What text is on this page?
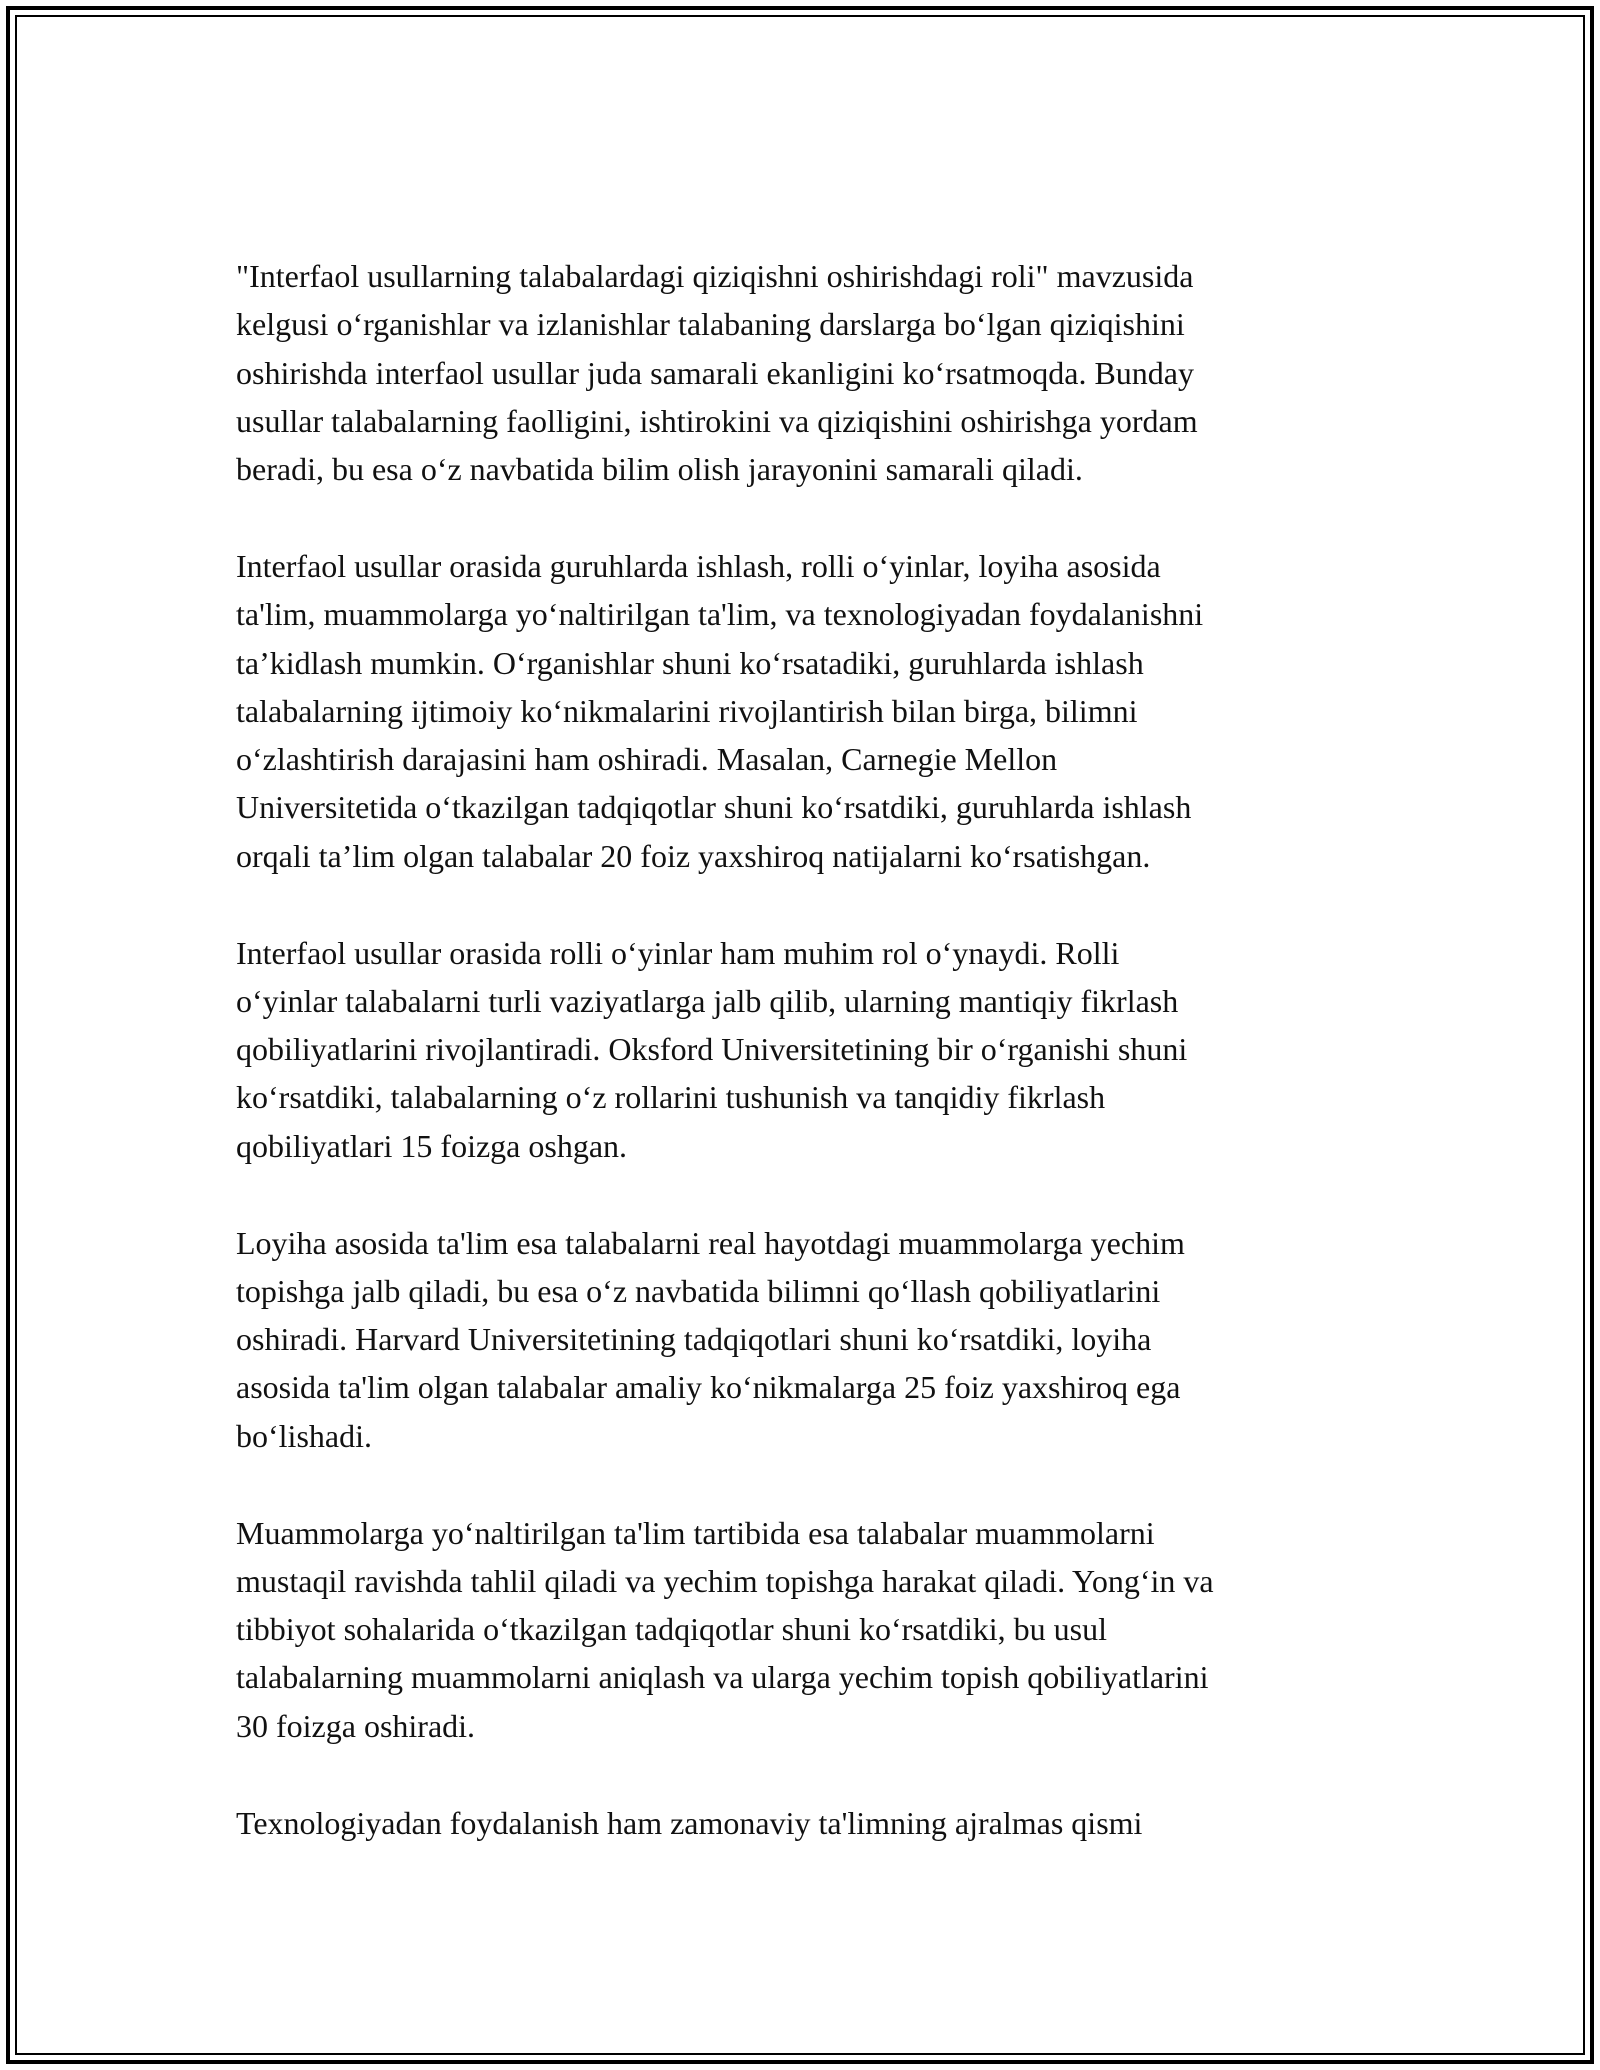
"Interfaol usullarning talabalardagi qiziqishni oshirishdagi roli" mavzusida
kelgusi o‘rganishlar va izlanishlar talabaning darslarga bo‘lgan qiziqishini
oshirishda interfaol usullar juda samarali ekanligini ko‘rsatmoqda. Bunday
usullar talabalarning faolligini, ishtirokini va qiziqishini oshirishga yordam
beradi, bu esa o‘z navbatida bilim olish jarayonini samarali qiladi.

Interfaol usullar orasida guruhlarda ishlash, rolli o‘yinlar, loyiha asosida
ta'lim, muammolarga yo‘naltirilgan ta'lim, va texnologiyadan foydalanishni
ta’kidlash mumkin. O‘rganishlar shuni ko‘rsatadiki, guruhlarda ishlash
talabalarning ijtimoiy ko‘nikmalarini rivojlantirish bilan birga, bilimni
o‘zlashtirish darajasini ham oshiradi. Masalan, Carnegie Mellon
Universitetida o‘tkazilgan tadqiqotlar shuni ko‘rsatdiki, guruhlarda ishlash
orqali ta’lim olgan talabalar 20 foiz yaxshiroq natijalarni ko‘rsatishgan.

Interfaol usullar orasida rolli o‘yinlar ham muhim rol o‘ynaydi. Rolli
o‘yinlar talabalarni turli vaziyatlarga jalb qilib, ularning mantiqiy fikrlash
qobiliyatlarini rivojlantiradi. Oksford Universitetining bir o‘rganishi shuni
ko‘rsatdiki, talabalarning o‘z rollarini tushunish va tanqidiy fikrlash
qobiliyatlari 15 foizga oshgan.

Loyiha asosida ta'lim esa talabalarni real hayotdagi muammolarga yechim
topishga jalb qiladi, bu esa o‘z navbatida bilimni qo‘llash qobiliyatlarini
oshiradi. Harvard Universitetining tadqiqotlari shuni ko‘rsatdiki, loyiha
asosida ta'lim olgan talabalar amaliy ko‘nikmalarga 25 foiz yaxshiroq ega
bo‘lishadi.

Muammolarga yo‘naltirilgan ta'lim tartibida esa talabalar muammolarni
mustaqil ravishda tahlil qiladi va yechim topishga harakat qiladi. Yong‘in va
tibbiyot sohalarida o‘tkazilgan tadqiqotlar shuni ko‘rsatdiki, bu usul
talabalarning muammolarni aniqlash va ularga yechim topish qobiliyatlarini
30 foizga oshiradi.

Texnologiyadan foydalanish ham zamonaviy ta'limning ajralmas qismi
